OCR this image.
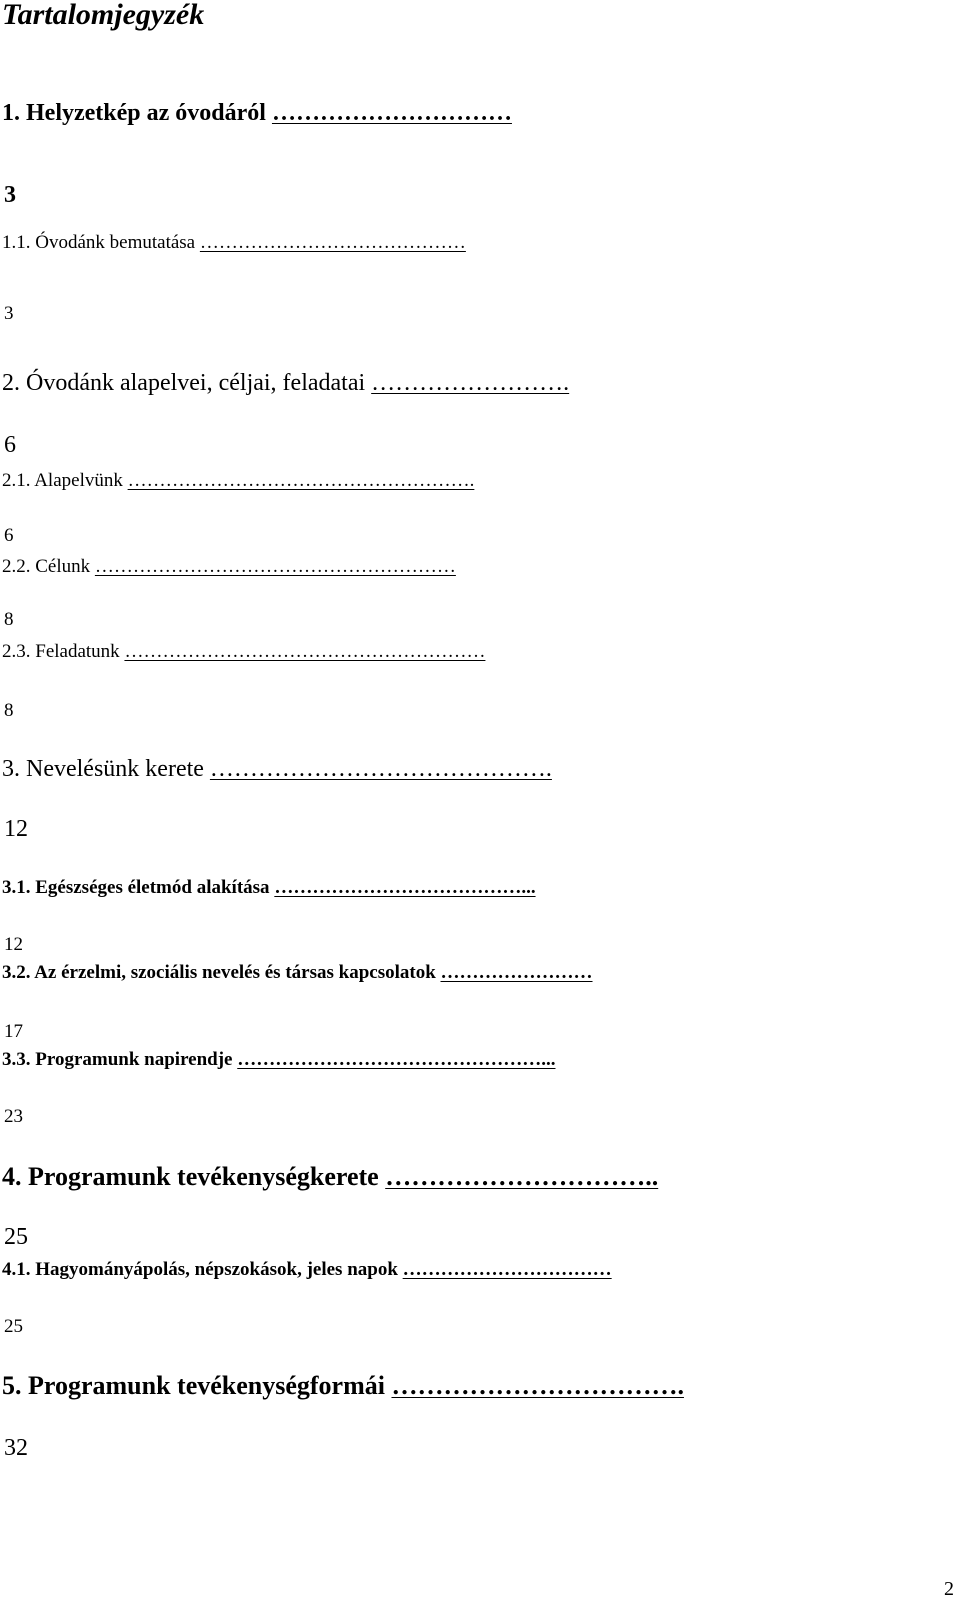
Tartalomjegyzék
1. Helyzetkép az óvodáról …………………………
3
1.1. Óvodánk bemutatása ……………………………………
3
2. Óvodánk alapelvei, céljai, feladatai …………………….
6
2.1. Alapelvünk ……………………………………………….
6
2.2. Célunk …………………………………………………
8
2.3. Feladatunk …………………………………………………
8
3. Nevelésünk kerete …………………………………….
12
3.1. Egészséges életmód alakítása …………………………………...
12
3.2. Az érzelmi, szociális nevelés és társas kapcsolatok ……………………
17
3.3. Programunk napirendje …………………………………………...
23
4. Programunk tevékenységkerete …………………………..
25
4.1. Hagyományápolás, népszokások, jeles napok ……………………………
25
5. Programunk tevékenységformái …………………………….
32
2
